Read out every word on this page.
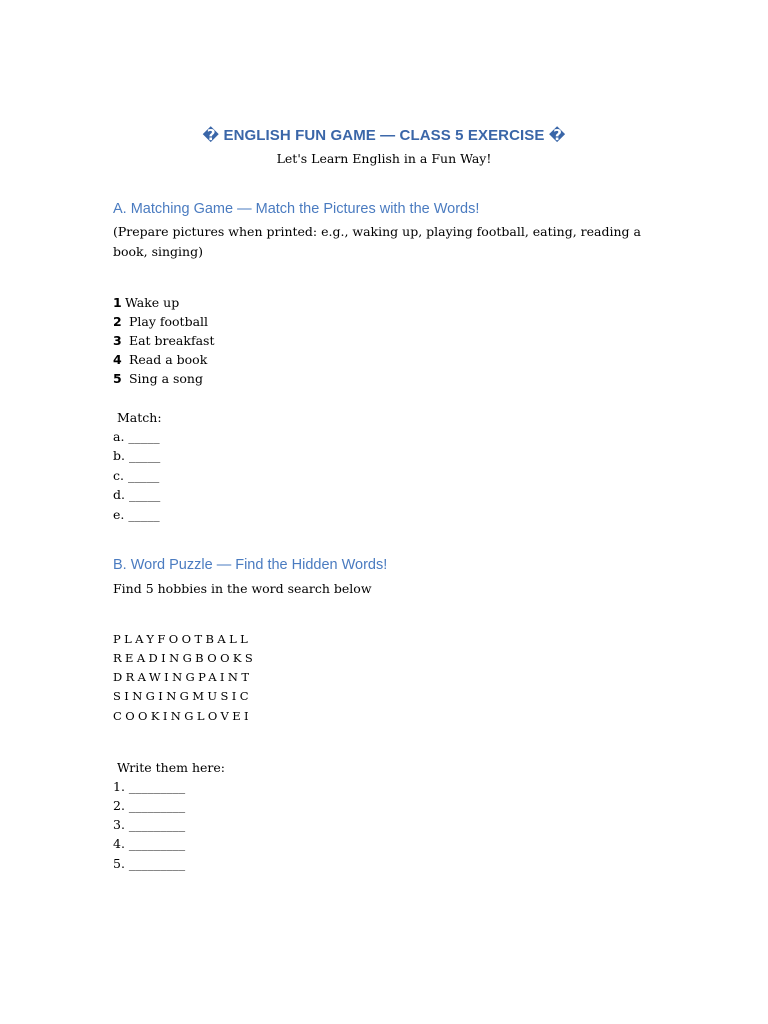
� ENGLISH FUN GAME — CLASS 5 EXERCISE �
Let's Learn English in a Fun Way!
A. Matching Game — Match the Pictures with the Words!
(Prepare pictures when printed: e.g., waking up, playing football, eating, reading a book, singing)
1 Wake up
2 Play football
3 Eat breakfast
4 Read a book
5 Sing a song
Match:
a. _____
b. _____
c. _____
d. _____
e. _____
B. Word Puzzle — Find the Hidden Words!
Find 5 hobbies in the word search below
PLAYFOOTBALL
READINGBOOKS
DRAWINGPAINT
SINGINGMUSIC
COOKINGLOVEI
Write them here:
1. _________
2. _________
3. _________
4. _________
5. _________
